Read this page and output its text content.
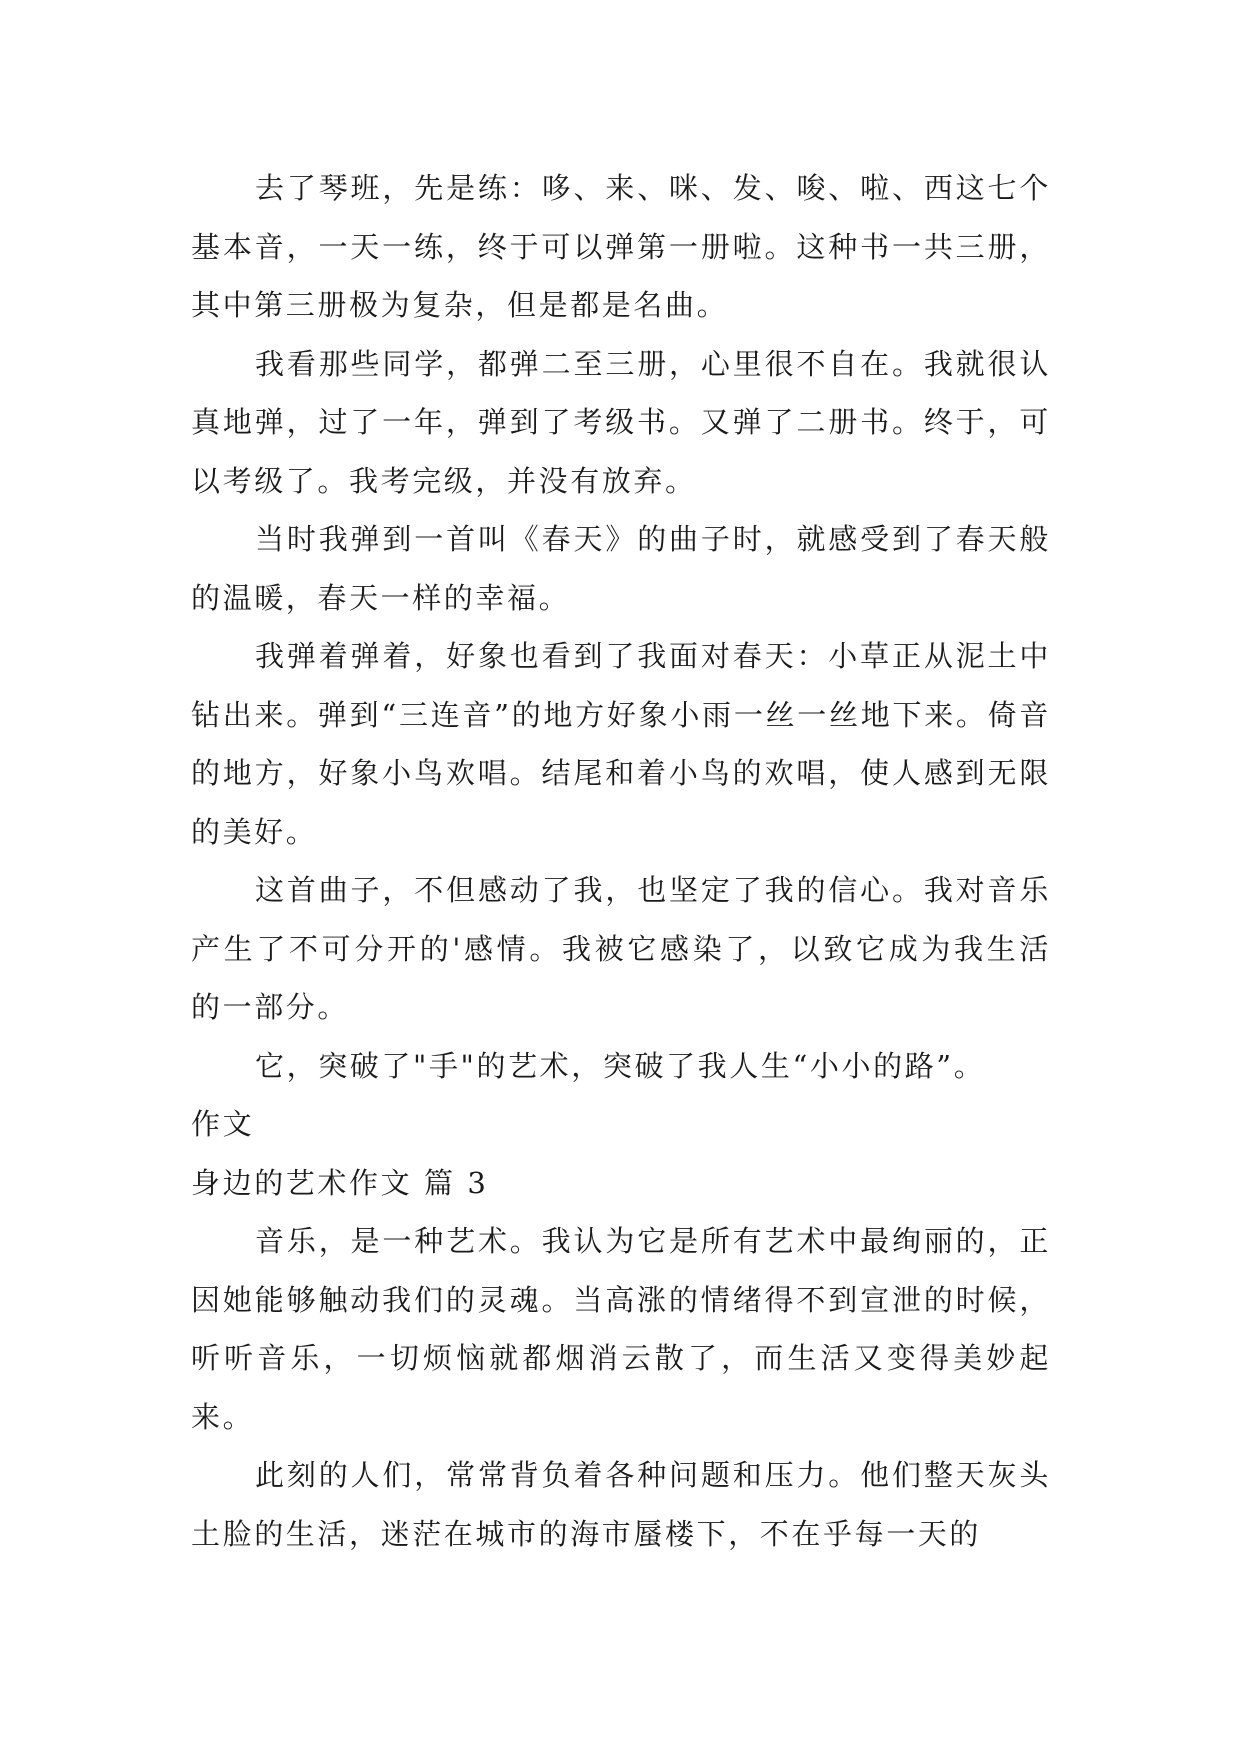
去了琴班，先是练：哆、来、咪、发、唆、啦、西这七个基本音，一天一练，终于可以弹第一册啦。这种书一共三册，其中第三册极为复杂，但是都是名曲。

我看那些同学，都弹二至三册，心里很不自在。我就很认真地弹，过了一年，弹到了考级书。又弹了二册书。终于，可以考级了。我考完级，并没有放弃。

当时我弹到一首叫《春天》的曲子时，就感受到了春天般的温暖，春天一样的幸福。

我弹着弹着，好象也看到了我面对春天：小草正从泥土中钻出来。弹到“三连音”的地方好象小雨一丝一丝地下来。倚音的地方，好象小鸟欢唱。结尾和着小鸟的欢唱，使人感到无限的美好。

这首曲子，不但感动了我，也坚定了我的信心。我对音乐产生了不可分开的'感情。我被它感染了，以致它成为我生活的一部分。

它，突破了"手"的艺术，突破了我人生“小小的路”。

作文

身边的艺术作文 篇 3

音乐，是一种艺术。我认为它是所有艺术中最绚丽的，正因她能够触动我们的灵魂。当高涨的情绪得不到宣泄的时候，听听音乐，一切烦恼就都烟消云散了，而生活又变得美妙起来。

此刻的人们，常常背负着各种问题和压力。他们整天灰头土脸的生活，迷茫在城市的海市蜃楼下，不在乎每一天的
